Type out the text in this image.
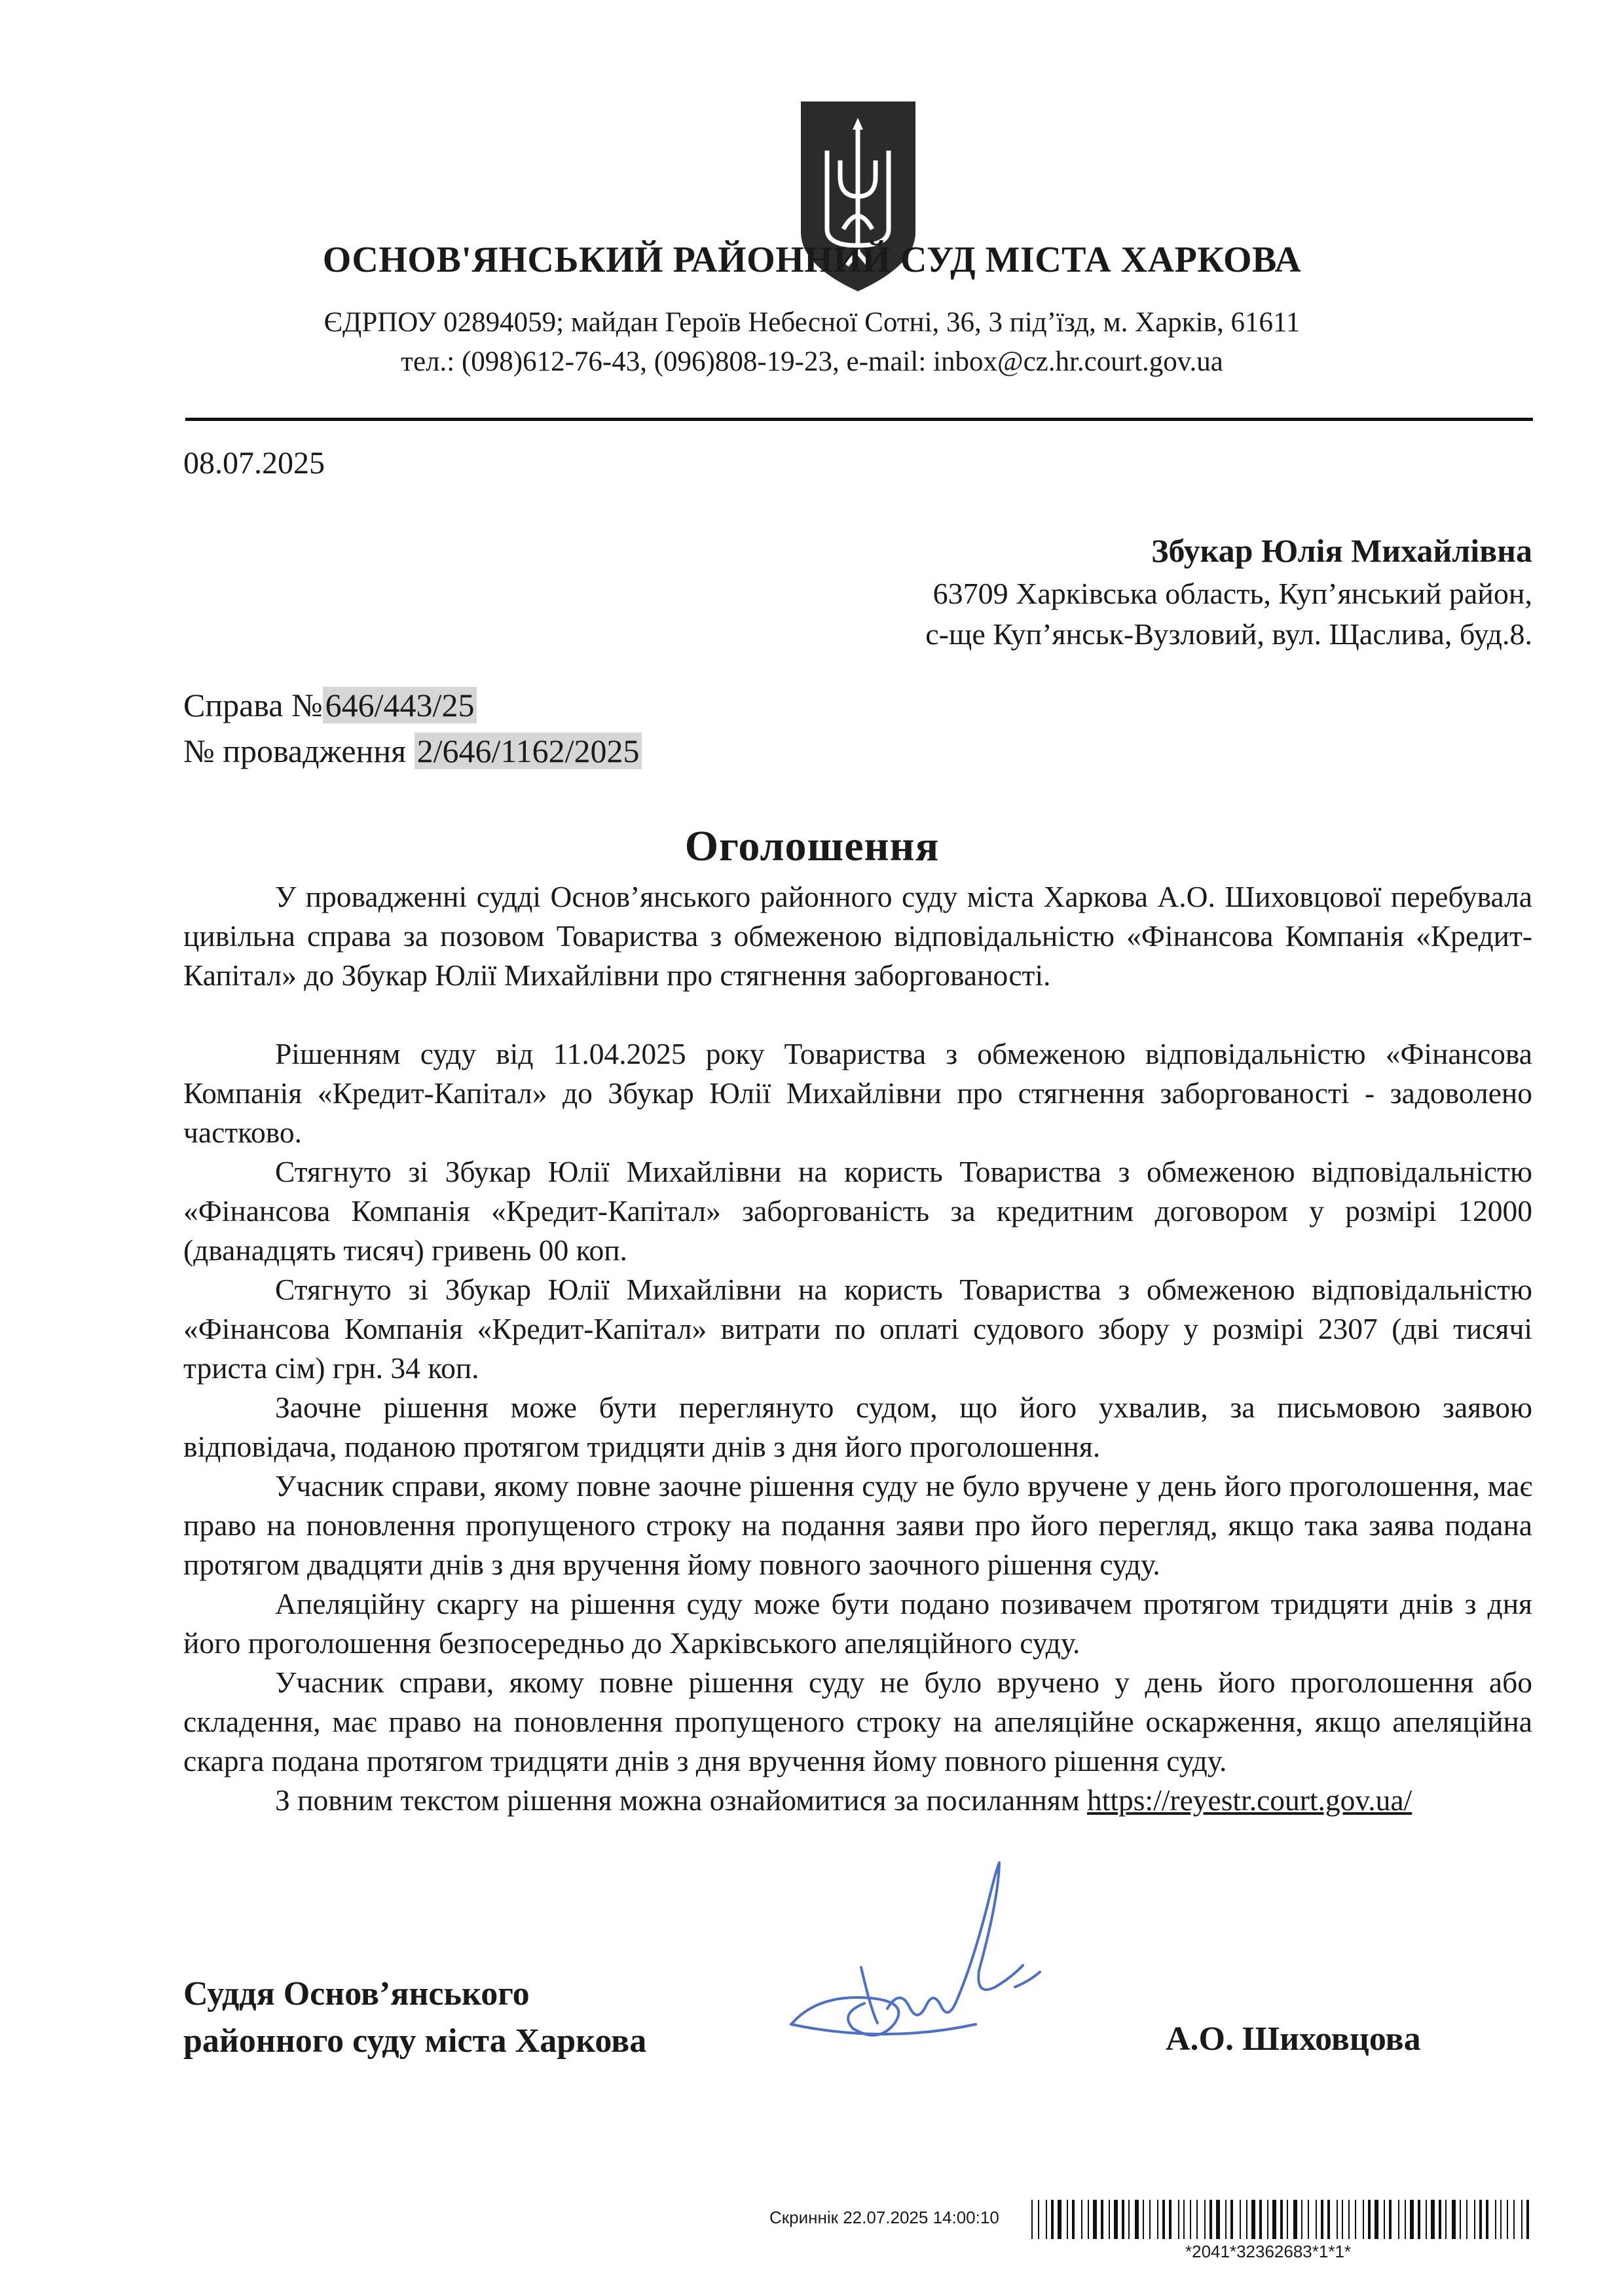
ОСНОВ'ЯНСЬКИЙ РАЙОННИЙ СУД МІСТА ХАРКОВА
ЄДРПОУ 02894059; майдан Героїв Небесної Сотні, 36, 3 під’їзд, м. Харків, 61611
тел.: (098)612-76-43, (096)808-19-23, e-mail: inbox@cz.hr.court.gov.ua
08.07.2025
Збукар Юлія Михайлівна
63709 Харківська область, Куп’янський район,
с-ще Куп’янськ-Вузловий, вул. Щаслива, буд.8.
Справа №646/443/25
№ провадження 2/646/1162/2025
Оголошення

У провадженні судді Основ’янського районного суду міста Харкова А.О. Шиховцової перебувала цивільна справа за позовом Товариства з обмеженою відповідальністю «Фінансова Компанія «Кредит-Капітал» до Збукар Юлії Михайлівни про стягнення заборгованості.

Рішенням суду від 11.04.2025 року Товариства з обмеженою відповідальністю «Фінансова Компанія «Кредит-Капітал» до Збукар Юлії Михайлівни про стягнення заборгованості - задоволено частково.

Стягнуто зі Збукар Юлії Михайлівни на користь Товариства з обмеженою відповідальністю «Фінансова Компанія «Кредит-Капітал» заборгованість за кредитним договором у розмірі 12000 (дванадцять тисяч) гривень 00 коп.

Стягнуто зі Збукар Юлії Михайлівни на користь Товариства з обмеженою відповідальністю «Фінансова Компанія «Кредит-Капітал» витрати по оплаті судового збору у розмірі 2307 (дві тисячі триста сім) грн. 34 коп.

Заочне рішення може бути переглянуто судом, що його ухвалив, за письмовою заявою відповідача, поданою протягом тридцяти днів з дня його проголошення.

Учасник справи, якому повне заочне рішення суду не було вручене у день його проголошення, має право на поновлення пропущеного строку на подання заяви про його перегляд, якщо така заява подана протягом двадцяти днів з дня вручення йому повного заочного рішення суду.

Апеляційну скаргу на рішення суду може бути подано позивачем протягом тридцяти днів з дня його проголошення безпосередньо до Харківського апеляційного суду.

Учасник справи, якому повне рішення суду не було вручено у день його проголошення або складення, має право на поновлення пропущеного строку на апеляційне оскарження, якщо апеляційна скарга подана протягом тридцяти днів з дня вручення йому повного рішення суду.

З повним текстом рішення можна ознайомитися за посиланням https://reyestr.court.gov.ua/

Суддя Основ’янського
районного суду міста Харкова	А.О. Шиховцова
Скриннік 22.07.2025 14:00:10
*2041*32362683*1*1*
